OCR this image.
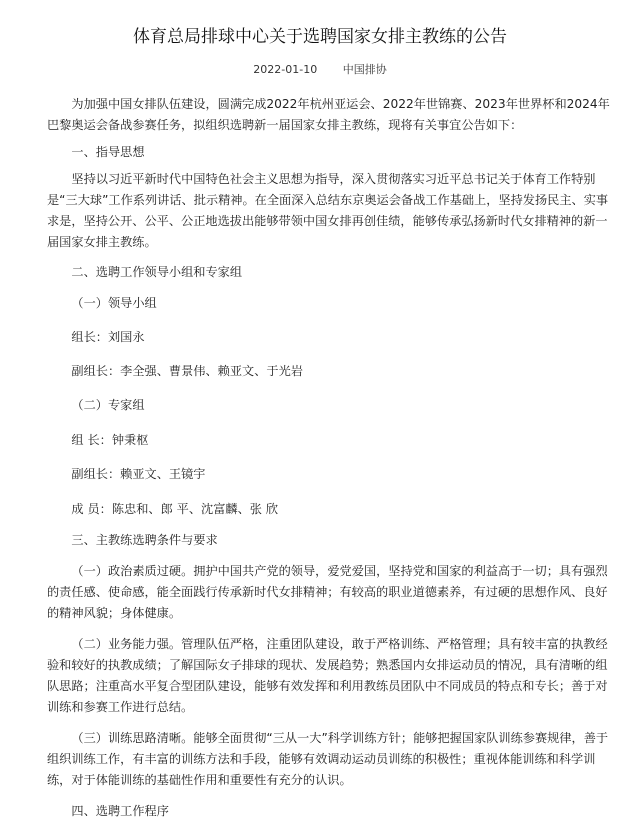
体育总局排球中心关于选聘国家女排主教练的公告
2022-01-10 中国排协

为加强中国女排队伍建设，圆满完成2022年杭州亚运会、2022年世锦赛、2023年世界杯和2024年巴黎奥运会备战参赛任务，拟组织选聘新一届国家女排主教练，现将有关事宜公告如下：

一、指导思想

坚持以习近平新时代中国特色社会主义思想为指导，深入贯彻落实习近平总书记关于体育工作特别是“三大球”工作系列讲话、批示精神。在全面深入总结东京奥运会备战工作基础上，坚持发扬民主、实事求是，坚持公开、公平、公正地选拔出能够带领中国女排再创佳绩，能够传承弘扬新时代女排精神的新一届国家女排主教练。

二、选聘工作领导小组和专家组

（一）领导小组

组长：刘国永

副组长：李全强、曹景伟、赖亚文、于光岩

（二）专家组

组 长：钟秉枢

副组长：赖亚文、王镜宇

成 员：陈忠和、郎 平、沈富麟、张 欣

三、主教练选聘条件与要求

（一）政治素质过硬。拥护中国共产党的领导，爱党爱国，坚持党和国家的利益高于一切；具有强烈的责任感、使命感，能全面践行传承新时代女排精神；有较高的职业道德素养，有过硬的思想作风、良好的精神风貌；身体健康。

（二）业务能力强。管理队伍严格，注重团队建设，敢于严格训练、严格管理；具有较丰富的执教经验和较好的执教成绩；了解国际女子排球的现状、发展趋势；熟悉国内女排运动员的情况，具有清晰的组队思路；注重高水平复合型团队建设，能够有效发挥和利用教练员团队中不同成员的特点和专长；善于对训练和参赛工作进行总结。

（三）训练思路清晰。能够全面贯彻“三从一大”科学训练方针；能够把握国家队训练参赛规律，善于组织训练工作，有丰富的训练方法和手段，能够有效调动运动员训练的积极性；重视体能训练和科学训练，对于体能训练的基础性作用和重要性有充分的认识。

四、选聘工作程序
